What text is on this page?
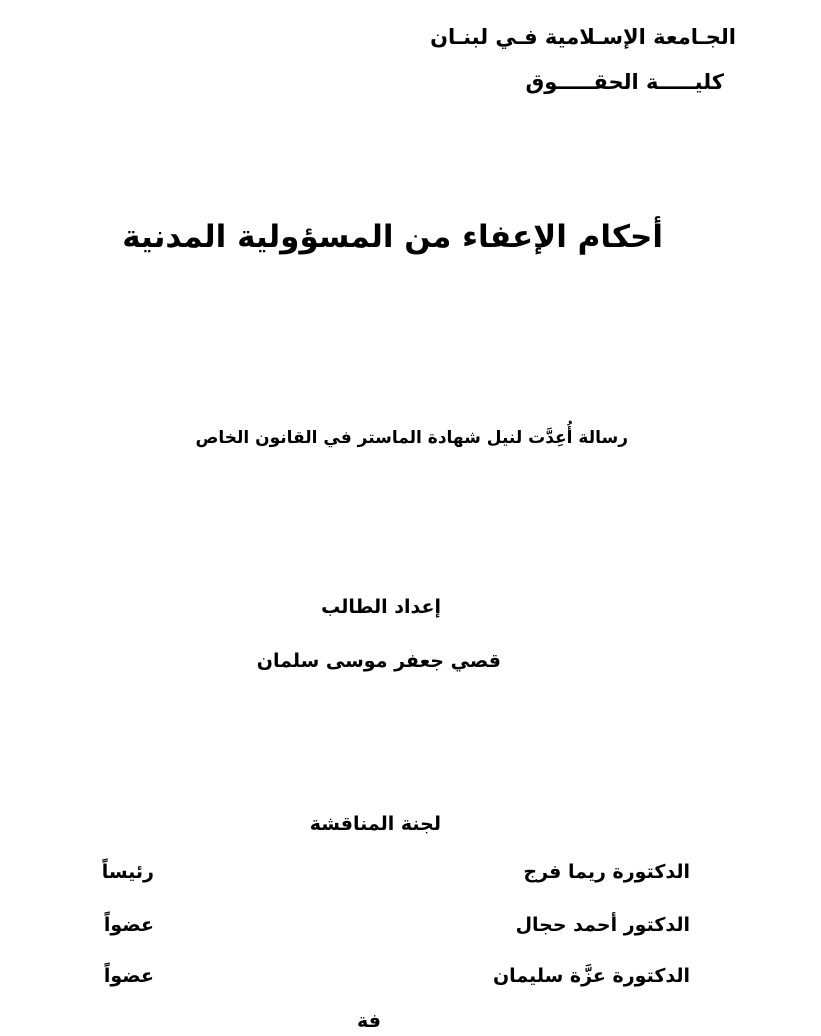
الجـامعة الإسـلامية فـي لبنـان
كليـــــة الحقـــــوق
أحكام الإعفاء من المسؤولية المدنية
رسالة أُعِدَّت لنيل شهادة الماستر في القانون الخاص
إعداد الطالب
قصي جعفر موسى سلمان
لجنة المناقشة
الدكتورة ريما فرج
رئيساً
الدكتور أحمد حجال
عضواً
الدكتورة عزَّة سليمان
عضواً
فة
